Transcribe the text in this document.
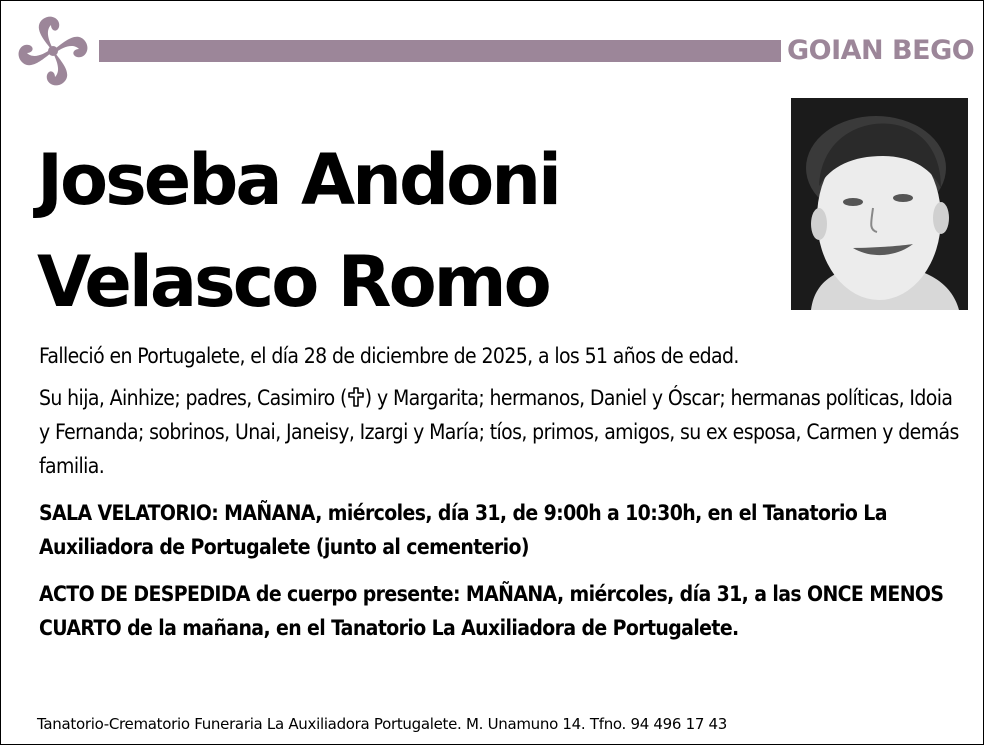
GOIAN BEGO
Joseba Andoni
Velasco Romo
Falleció en Portugalete, el día 28 de diciembre de 2025, a los 51 años de edad.
Su hija, Ainhize; padres, Casimiro ( ) y Margarita; hermanos, Daniel y Óscar; hermanas políticas, Idoia y Fernanda; sobrinos, Unai, Janeisy, Izargi y María; tíos, primos, amigos, su ex esposa, Carmen y demás familia.
SALA VELATORIO: MAÑANA, miércoles, día 31, de 9:00h a 10:30h, en el Tanatorio La Auxiliadora de Portugalete (junto al cementerio)
ACTO DE DESPEDIDA de cuerpo presente: MAÑANA, miércoles, día 31, a las ONCE MENOS CUARTO de la mañana, en el Tanatorio La Auxiliadora de Portugalete.
Tanatorio-Crematorio Funeraria La Auxiliadora Portugalete. M. Unamuno 14. Tfno. 94 496 17 43
